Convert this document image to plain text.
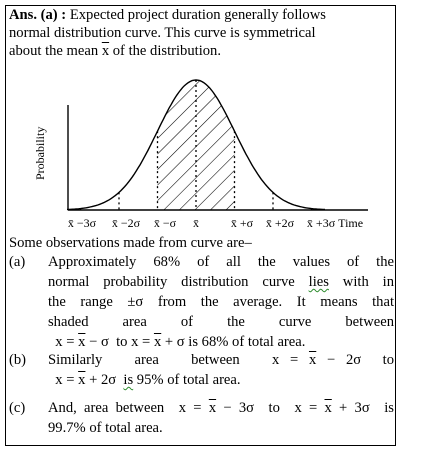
Ans. (a) : Expected project duration generally follows
normal distribution curve. This curve is symmetrical
about the mean $\overline{x}$ of the distribution.
x̄ −3σ x̄ −2σ x̄ −σ x̄	x̄ +σ x̄ +2σ x̄ +3σ Time
Probability
Some observations made from curve are–
(a) Approximately 68% of all the values of the
normal probability distribution curve lies with in
the range ±σ from the average. It means that
shaded area of the curve between
$x = \overline{x} - \sigma$  to $x = \overline{x} + \sigma$ is 68% of total area.
(b) Similarly   area   between   $x = \overline{x} - 2\sigma$  to
$x = \overline{x} + 2\sigma$  is 95% of total area.
(c) And, area between  $x = \overline{x} - 3\sigma$  to  $x = \overline{x} + 3\sigma$  is
99.7% of total area.
